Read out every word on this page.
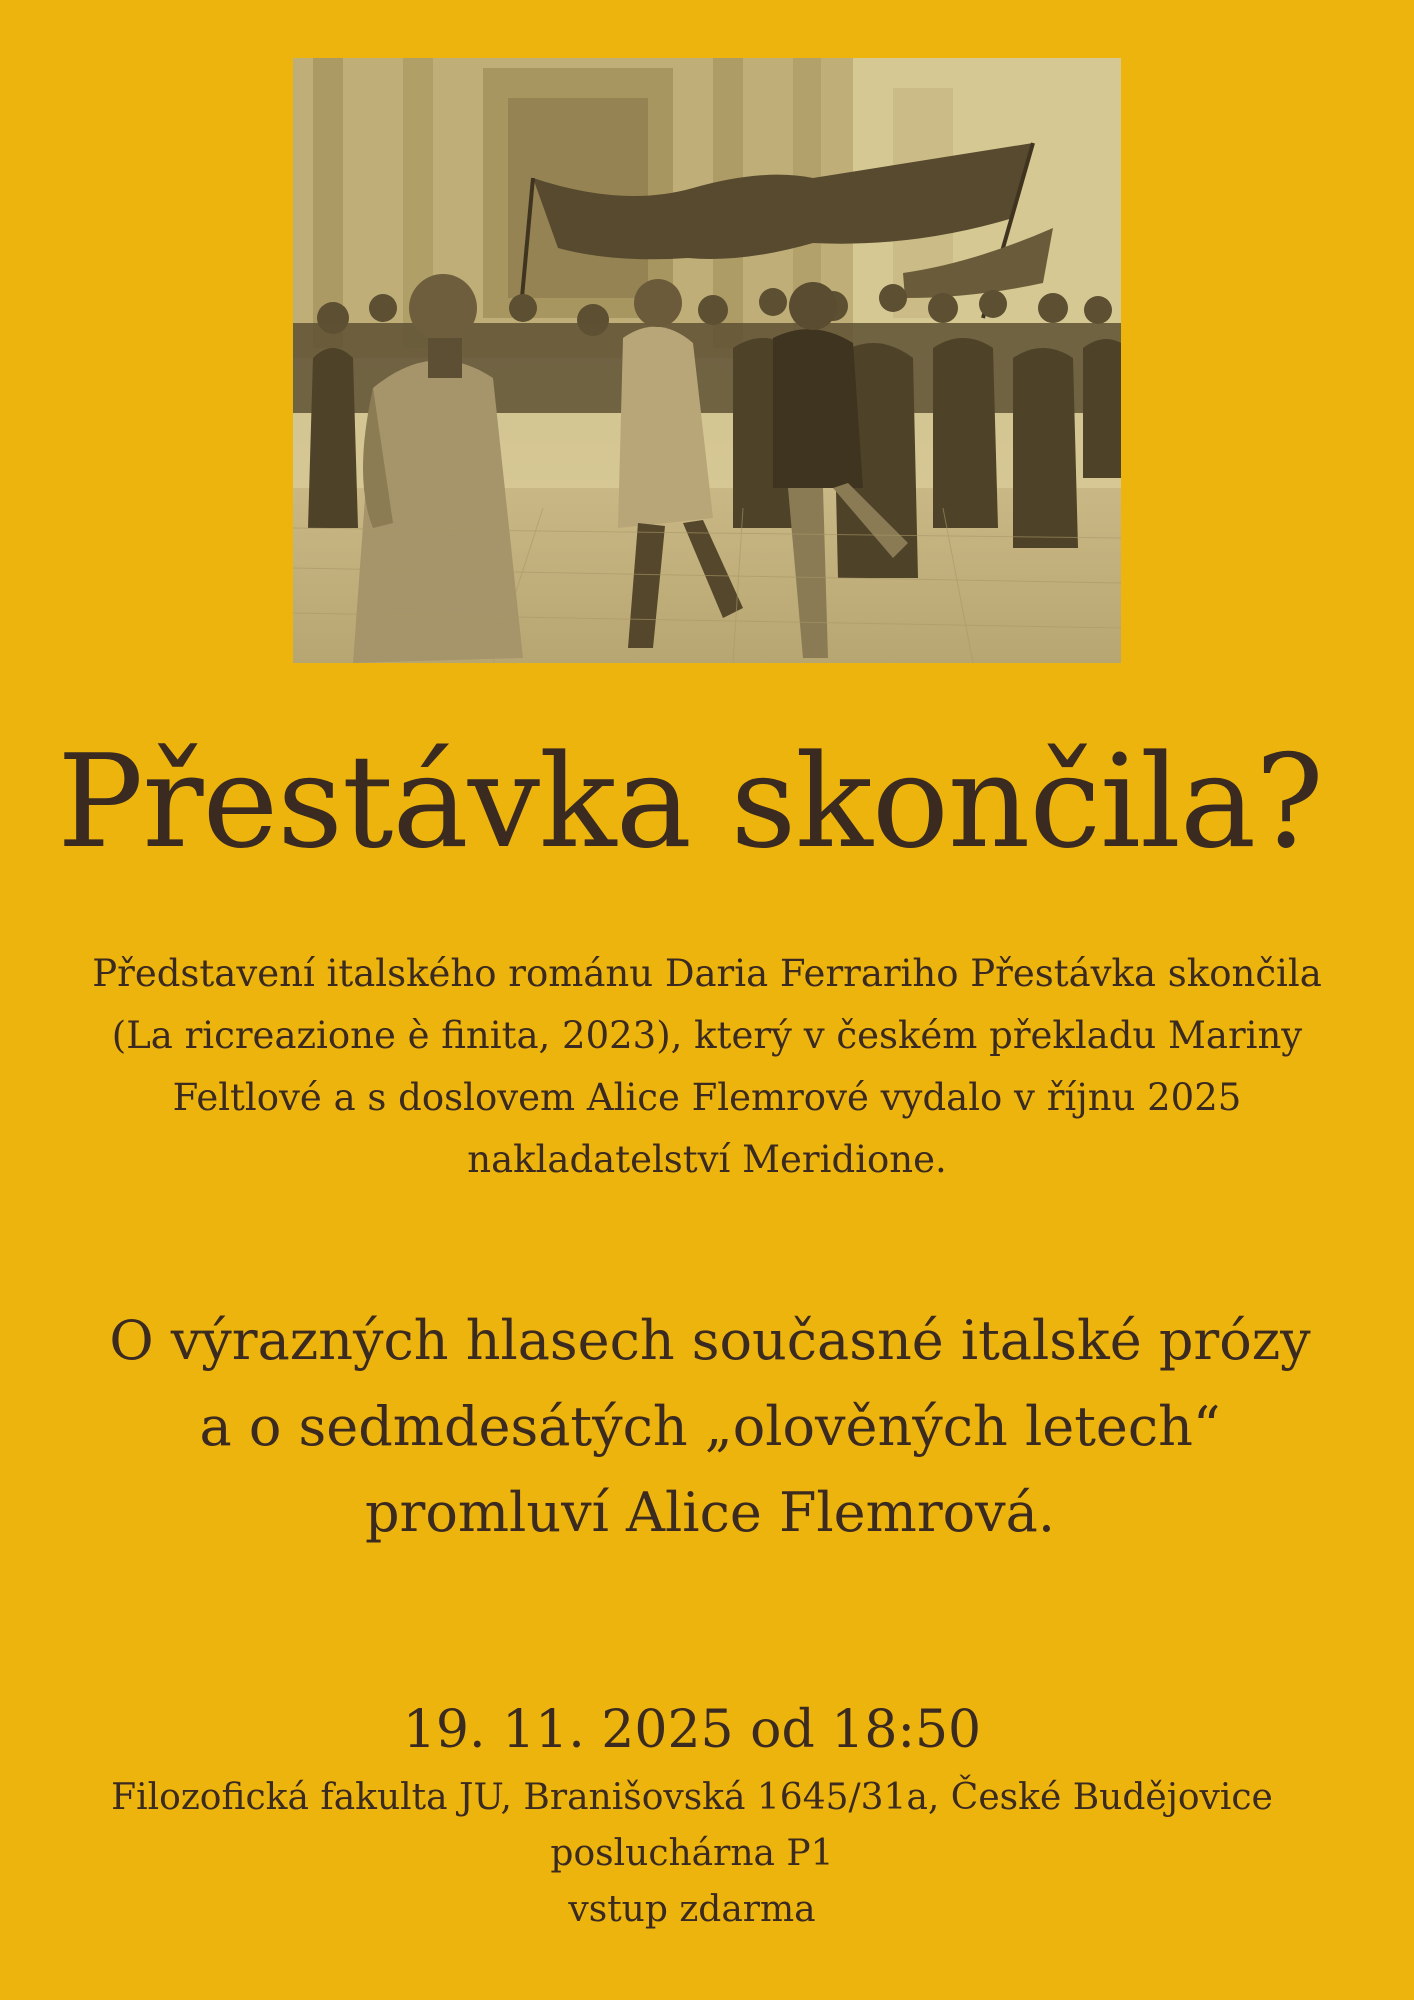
Přestávka skončila?
Představení italského románu Daria Ferrariho Přestávka skončila
(La ricreazione è finita, 2023), který v českém překladu Mariny
Feltlové a s doslovem Alice Flemrové vydalo v říjnu 2025
nakladatelství Meridione.
O výrazných hlasech současné italské prózy
a o sedmdesátých „olověných letech“
promluví Alice Flemrová.
19. 11. 2025 od 18:50
Filozofická fakulta JU, Branišovská 1645/31a, České Budějovice
posluchárna P1
vstup zdarma
